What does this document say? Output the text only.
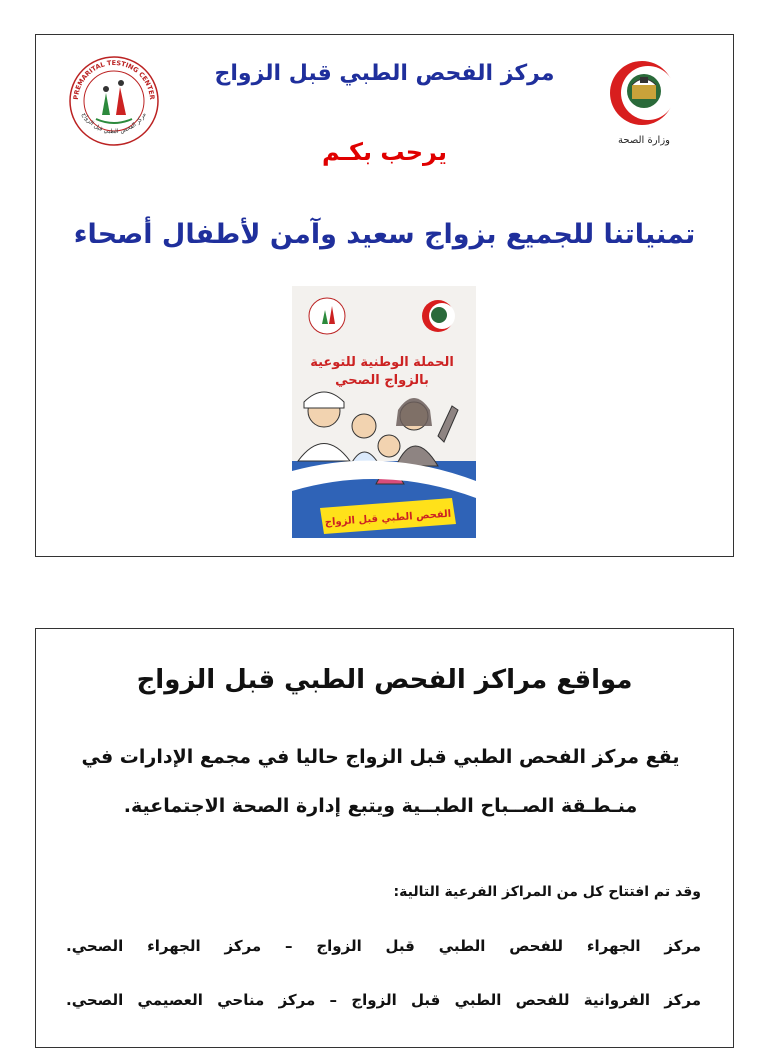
وزارة الصحة
PREMARITAL TESTING CENTER
مركز الفحص الطبي قبل الزواج
مركز الفحص الطبي قبل الزواج
يرحب بكـم
تمنياتنا للجميع بزواج سعيد وآمن لأطفال أصحاء
الحملة الوطنية للتوعية
بالزواج الصحي
الفحص الطبي قبل الزواج
مواقع مراكز الفحص الطبي قبل الزواج
يقع مركز الفحص الطبي قبل الزواج حاليا في مجمع الإدارات في
منـطـقة الصــباح الطبــية ويتبع إدارة الصحة الاجتماعية.
وقد تم افتتاح كل من المراكز الفرعية التالية:
مركز الجهراء للفحص الطبي قبل الزواج – مركز الجهراء الصحي.
مركز الفروانية للفحص الطبي قبل الزواج – مركز مناحي العصيمي الصحي.
